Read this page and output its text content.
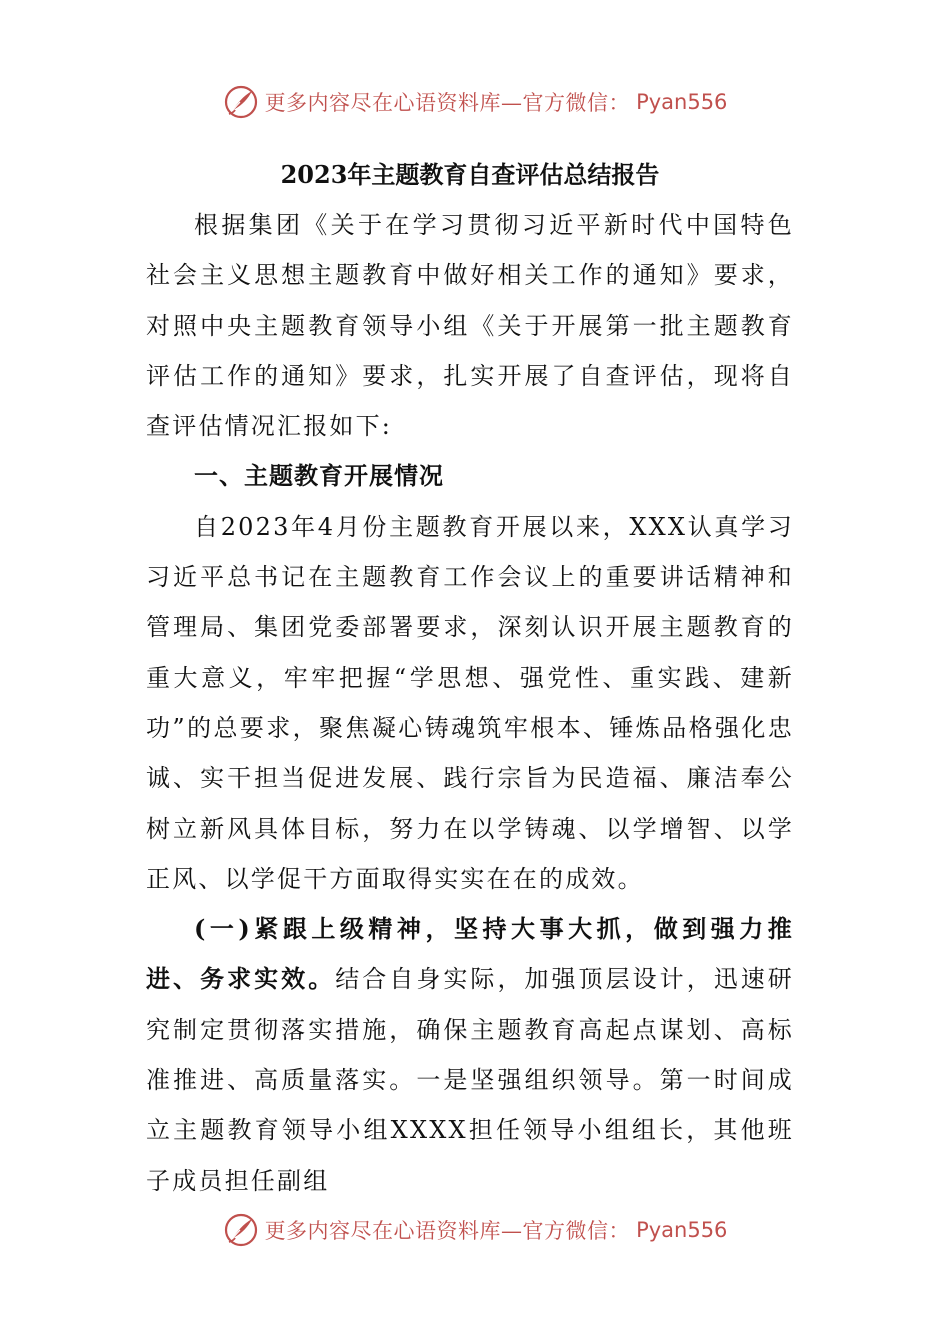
更多内容尽在心语资料库—官方微信： Pyan556

2023年主题教育自查评估总结报告

根据集团《关于在学习贯彻习近平新时代中国特色社会主义思想主题教育中做好相关工作的通知》要求，对照中央主题教育领导小组《关于开展第一批主题教育评估工作的通知》要求，扎实开展了自查评估，现将自查评估情况汇报如下:

一、主题教育开展情况

自2023年4月份主题教育开展以来，XXX认真学习习近平总书记在主题教育工作会议上的重要讲话精神和管理局、集团党委部署要求，深刻认识开展主题教育的重大意义，牢牢把握“学思想、强党性、重实践、建新功”的总要求，聚焦凝心铸魂筑牢根本、锤炼品格强化忠诚、实干担当促进发展、践行宗旨为民造福、廉洁奉公树立新风具体目标，努力在以学铸魂、以学增智、以学正风、以学促干方面取得实实在在的成效。

(一)紧跟上级精神，坚持大事大抓，做到强力推进、务求实效。结合自身实际，加强顶层设计，迅速研究制定贯彻落实措施，确保主题教育高起点谋划、高标准推进、高质量落实。一是坚强组织领导。第一时间成立主题教育领导小组XXXX担任领导小组组长，其他班子成员担任副组

更多内容尽在心语资料库—官方微信： Pyan556
